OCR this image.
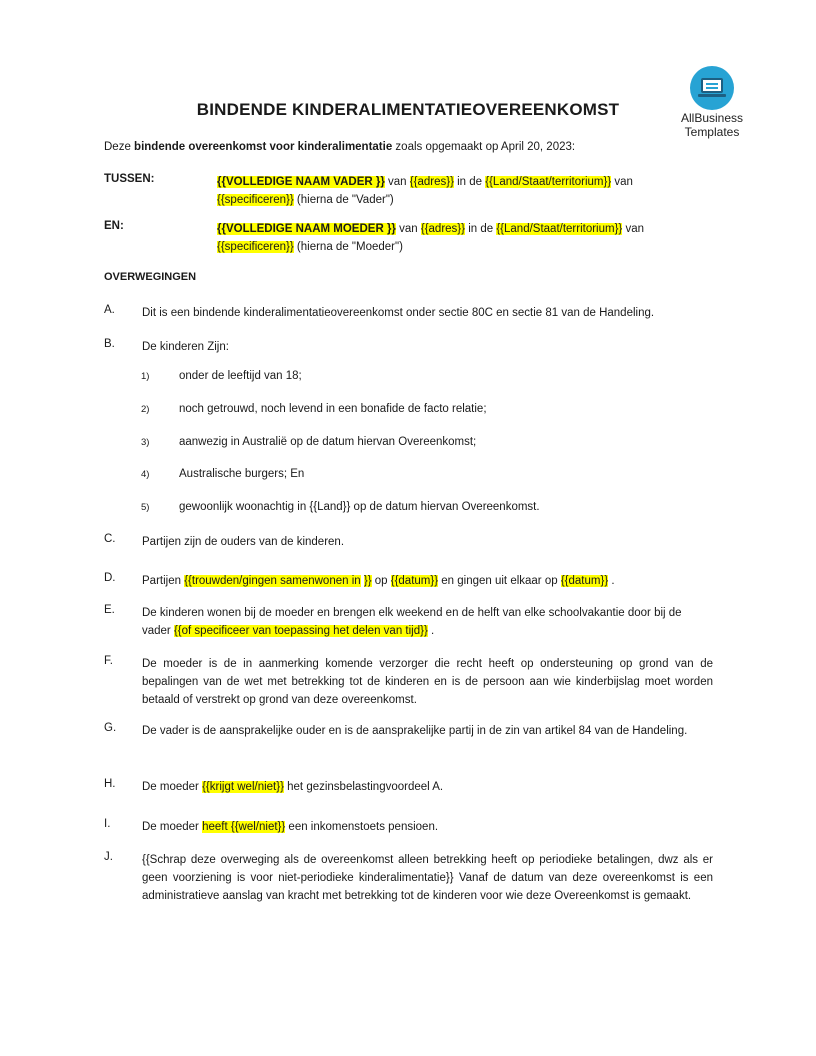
AllBusiness
Templates
BINDENDE KINDERALIMENTATIEOVEREENKOMST
Deze bindende overeenkomst voor kinderalimentatie zoals opgemaakt op April 20, 2023:
TUSSEN:	{{VOLLEDIGE NAAM VADER }} van {{adres}} in de {{Land/Staat/territorium}} van
{{specificeren}} (hierna de "Vader")
EN:	{{VOLLEDIGE NAAM MOEDER }} van {{adres}} in de {{Land/Staat/territorium}} van
{{specificeren}} (hierna de "Moeder")
OVERWEGINGEN
A. Dit is een bindende kinderalimentatieovereenkomst onder sectie 80C en sectie 81 van de Handeling.
B. De kinderen Zijn:
1)	onder de leeftijd van 18;
2)	noch getrouwd, noch levend in een bonafide de facto relatie;
3)	aanwezig in Australië op de datum hiervan Overeenkomst;
4)	Australische burgers; En
5)	gewoonlijk woonachtig in {{Land}} op de datum hiervan Overeenkomst.
C. Partijen zijn de ouders van de kinderen.
D. Partijen {{trouwden/gingen samenwonen in }} op {{datum}} en gingen uit elkaar op {{datum}} .
E. De kinderen wonen bij de moeder en brengen elk weekend en de helft van elke schoolvakantie door bij de vader {{of specificeer van toepassing het delen van tijd}} .
F.	De moeder is de in aanmerking komende verzorger die recht heeft op ondersteuning op grond van de bepalingen van de wet met betrekking tot de kinderen en is de persoon aan wie kinderbijslag moet worden betaald of verstrekt op grond van deze overeenkomst.
G. De vader is de aansprakelijke ouder en is de aansprakelijke partij in de zin van artikel 84 van de Handeling.
H. De moeder {{krijgt wel/niet}} het gezinsbelastingvoordeel A.
I.	De moeder heeft {{wel/niet}} een inkomenstoets pensioen.
J.	{{Schrap deze overweging als de overeenkomst alleen betrekking heeft op periodieke betalingen, dwz als er geen voorziening is voor niet-periodieke kinderalimentatie}} Vanaf de datum van deze overeenkomst is een administratieve aanslag van kracht met betrekking tot de kinderen voor wie deze Overeenkomst is gemaakt.
